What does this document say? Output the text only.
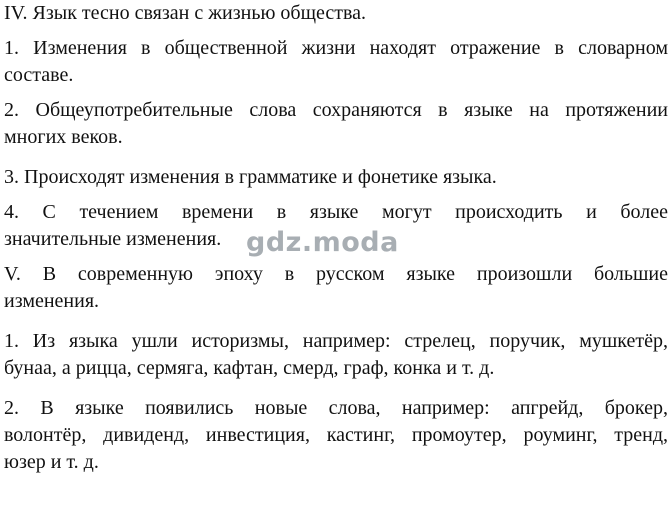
IV. Язык тесно связан с жизнью общества.
1. Изменения в общественной жизни находят отражение в словарном
составе.
2. Общеупотребительные слова сохраняются в языке на протяжении
многих веков.
3. Происходят изменения в грамматике и фонетике языка.
4. С течением времени в языке могут происходить и более
значительные изменения.
V. В современную эпоху в русском языке произошли большие
изменения.
1. Из языка ушли историзмы, например: стрелец, поручик, мушкетёр,
бунаа, а рицца, сермяга, кафтан, смерд, граф, конка и т. д.
2. В языке появились новые слова, например: апгрейд, брокер,
волонтёр, дивиденд, инвестиция, кастинг, промоутер, роуминг, тренд,
юзер и т. д.
gdz.moda
